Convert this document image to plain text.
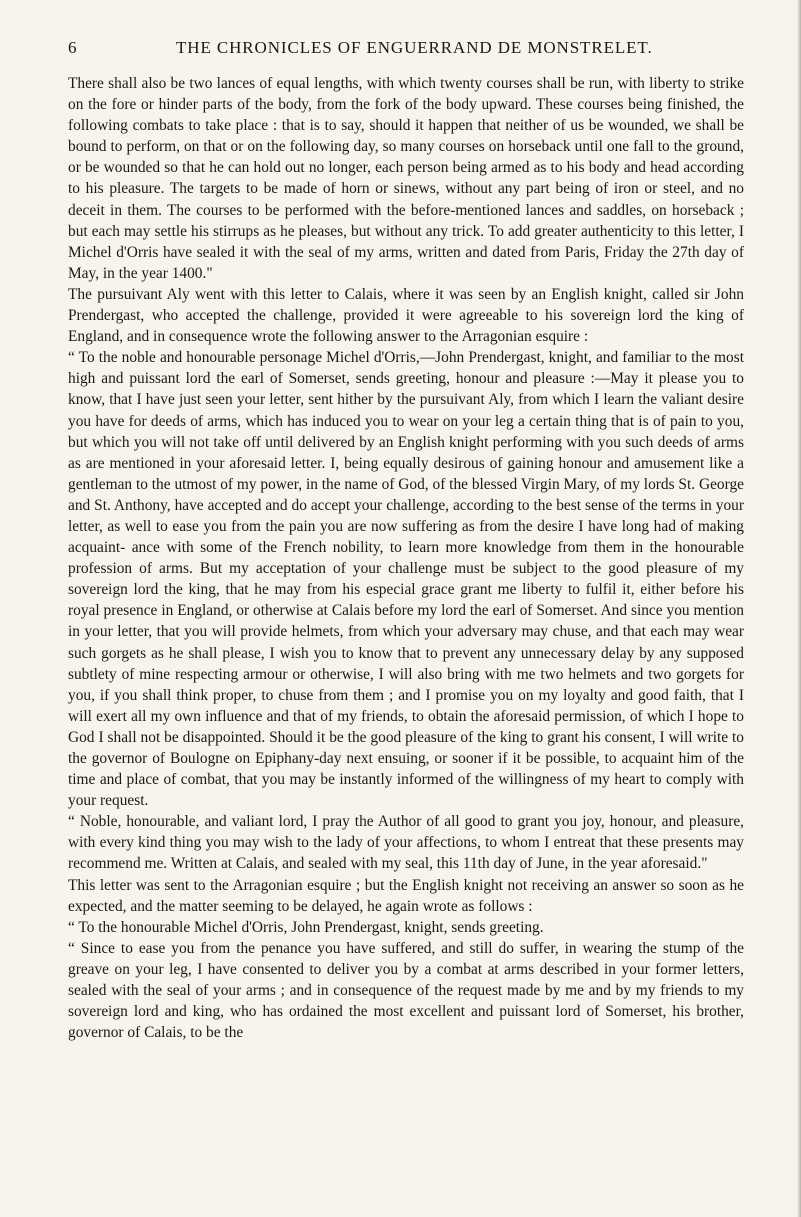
6	THE CHRONICLES OF ENGUERRAND DE MONSTRELET.

There shall also be two lances of equal lengths, with which twenty courses shall be run, with liberty to strike on the fore or hinder parts of the body, from the fork of the body upward. These courses being finished, the following combats to take place : that is to say, should it happen that neither of us be wounded, we shall be bound to perform, on that or on the following day, so many courses on horseback until one fall to the ground, or be wounded so that he can hold out no longer, each person being armed as to his body and head according to his pleasure. The targets to be made of horn or sinews, without any part being of iron or steel, and no deceit in them. The courses to be performed with the before-mentioned lances and saddles, on horseback ; but each may settle his stirrups as he pleases, but without any trick. To add greater authenticity to this letter, I Michel d'Orris have sealed it with the seal of my arms, written and dated from Paris, Friday the 27th day of May, in the year 1400."

The pursuivant Aly went with this letter to Calais, where it was seen by an English knight, called sir John Prendergast, who accepted the challenge, provided it were agreeable to his sovereign lord the king of England, and in consequence wrote the following answer to the Arragonian esquire :

“ To the noble and honourable personage Michel d'Orris,—John Prendergast, knight, and familiar to the most high and puissant lord the earl of Somerset, sends greeting, honour and pleasure :—May it please you to know, that I have just seen your letter, sent hither by the pursuivant Aly, from which I learn the valiant desire you have for deeds of arms, which has induced you to wear on your leg a certain thing that is of pain to you, but which you will not take off until delivered by an English knight performing with you such deeds of arms as are mentioned in your aforesaid letter. I, being equally desirous of gaining honour and amusement like a gentleman to the utmost of my power, in the name of God, of the blessed Virgin Mary, of my lords St. George and St. Anthony, have accepted and do accept your challenge, according to the best sense of the terms in your letter, as well to ease you from the pain you are now suffering as from the desire I have long had of making acquaint- ance with some of the French nobility, to learn more knowledge from them in the honourable profession of arms. But my acceptation of your challenge must be subject to the good pleasure of my sovereign lord the king, that he may from his especial grace grant me liberty to fulfil it, either before his royal presence in England, or otherwise at Calais before my lord the earl of Somerset. And since you mention in your letter, that you will provide helmets, from which your adversary may chuse, and that each may wear such gorgets as he shall please, I wish you to know that to prevent any unnecessary delay by any supposed subtlety of mine respecting armour or otherwise, I will also bring with me two helmets and two gorgets for you, if you shall think proper, to chuse from them ; and I promise you on my loyalty and good faith, that I will exert all my own influence and that of my friends, to obtain the aforesaid permission, of which I hope to God I shall not be disappointed. Should it be the good pleasure of the king to grant his consent, I will write to the governor of Boulogne on Epiphany-day next ensuing, or sooner if it be possible, to acquaint him of the time and place of combat, that you may be instantly informed of the willingness of my heart to comply with your request.

“ Noble, honourable, and valiant lord, I pray the Author of all good to grant you joy, honour, and pleasure, with every kind thing you may wish to the lady of your affections, to whom I entreat that these presents may recommend me. Written at Calais, and sealed with my seal, this 11th day of June, in the year aforesaid."

This letter was sent to the Arragonian esquire ; but the English knight not receiving an answer so soon as he expected, and the matter seeming to be delayed, he again wrote as follows :

“ To the honourable Michel d'Orris, John Prendergast, knight, sends greeting.

“ Since to ease you from the penance you have suffered, and still do suffer, in wearing the stump of the greave on your leg, I have consented to deliver you by a combat at arms described in your former letters, sealed with the seal of your arms ; and in consequence of the request made by me and by my friends to my sovereign lord and king, who has ordained the most excellent and puissant lord of Somerset, his brother, governor of Calais, to be the
